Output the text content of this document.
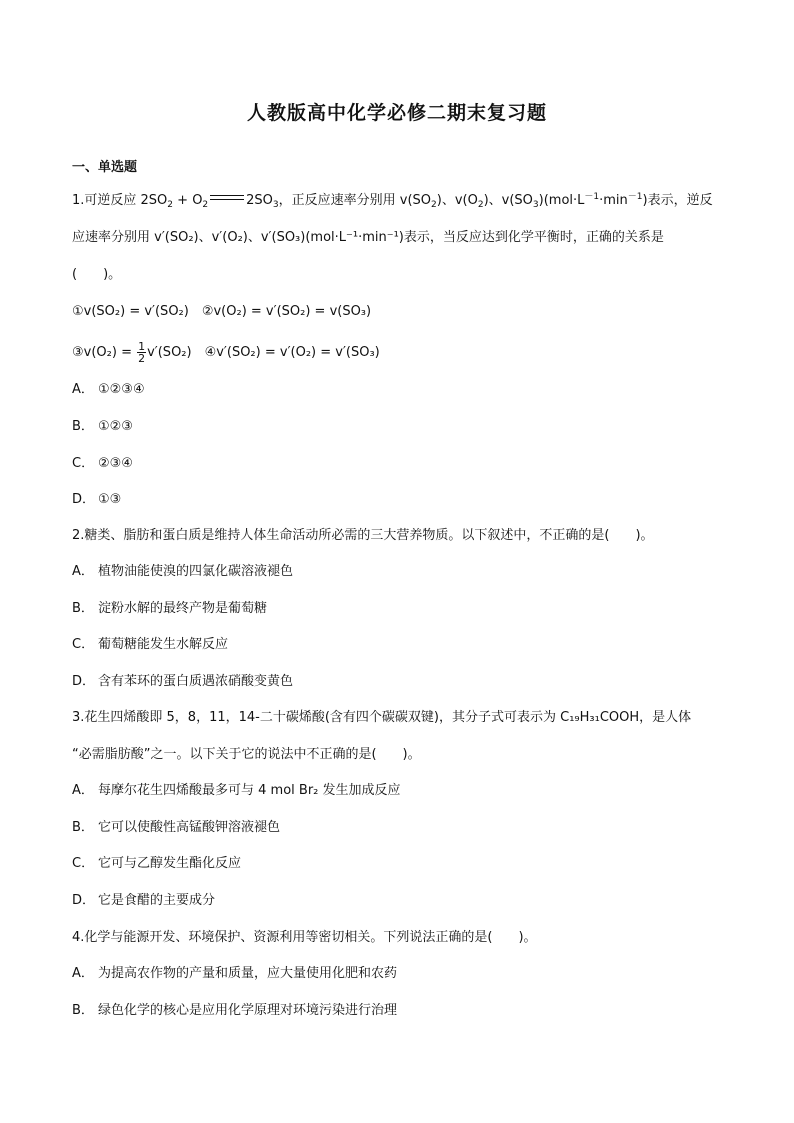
人教版高中化学必修二期末复习题
一、单选题
1.可逆反应 $2SO_2 + O_2$	$2SO_3$，正反应速率分别用 $v(SO_2)$、$v(O_2)$、$v(SO_3)(mol\cdot L^{-1}\cdot\min^{-1})$表示，逆反
应速率分别用 v′(SO₂)、v′(O₂)、v′(SO₃)(mol·L⁻¹·min⁻¹)表示，当反应达到化学平衡时，正确的关系是
(　　)。
①v(SO₂) = v′(SO₂)　②v(O₂) = v′(SO₂) = v(SO₃)
③v(O₂) = $\frac{1}{2} v'(SO_2)$　④v′(SO₂) = v′(O₂) = v′(SO₃)
A． ①②③④
B． ①②③
C． ②③④
D． ①③
2.糖类、脂肪和蛋白质是维持人体生命活动所必需的三大营养物质。以下叙述中，不正确的是(　　)。
A． 植物油能使溴的四氯化碳溶液褪色
B． 淀粉水解的最终产物是葡萄糖
C． 葡萄糖能发生水解反应
D． 含有苯环的蛋白质遇浓硝酸变黄色
3.花生四烯酸即 5，8，11，14-二十碳烯酸(含有四个碳碳双键)，其分子式可表示为 C₁₉H₃₁COOH，是人体
“必需脂肪酸”之一。以下关于它的说法中不正确的是(　　)。
A． 每摩尔花生四烯酸最多可与 4 mol Br₂ 发生加成反应
B． 它可以使酸性高锰酸钾溶液褪色
C． 它可与乙醇发生酯化反应
D． 它是食醋的主要成分
4.化学与能源开发、环境保护、资源利用等密切相关。下列说法正确的是(　　)。
A． 为提高农作物的产量和质量，应大量使用化肥和农药
B． 绿色化学的核心是应用化学原理对环境污染进行治理
